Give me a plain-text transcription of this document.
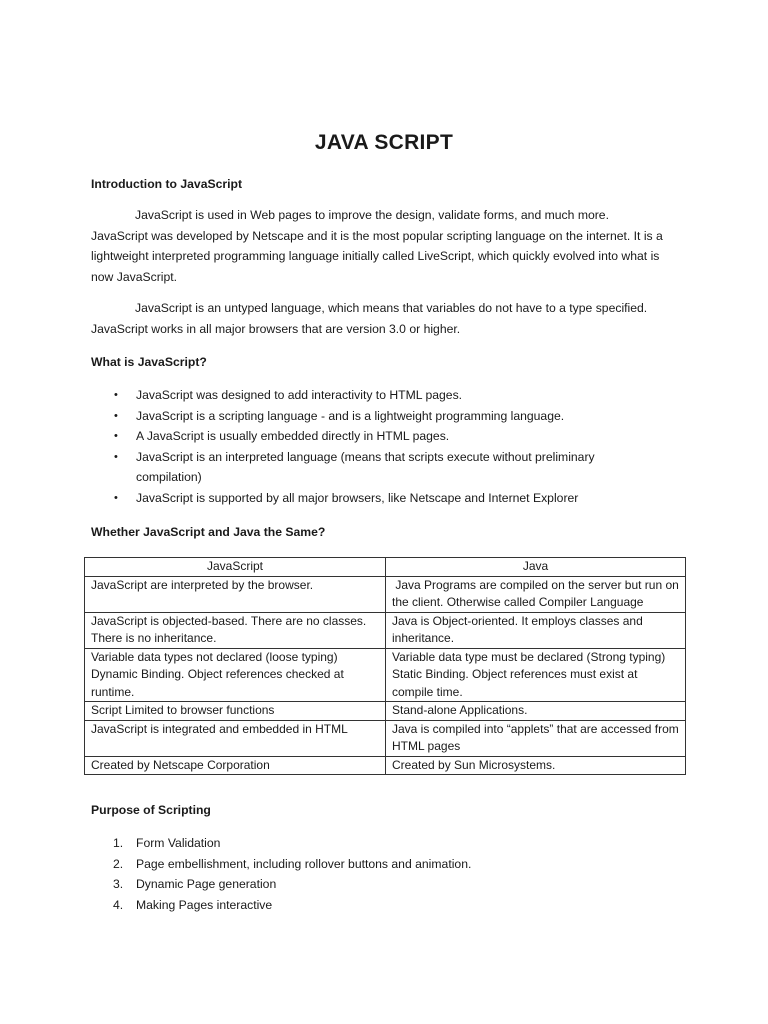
JAVA SCRIPT
Introduction to JavaScript

JavaScript is used in Web pages to improve the design, validate forms, and much more.
JavaScript was developed by Netscape and it is the most popular scripting language on the internet. It is a lightweight interpreted programming language initially called LiveScript, which quickly evolved into what is now JavaScript.

JavaScript is an untyped language, which means that variables do not have to a type specified.
JavaScript works in all major browsers that are version 3.0 or higher.

What is JavaScript?
• JavaScript was designed to add interactivity to HTML pages.
• JavaScript is a scripting language - and is a lightweight programming language.
• A JavaScript is usually embedded directly in HTML pages.
• JavaScript is an interpreted language (means that scripts execute without preliminary compilation)
• JavaScript is supported by all major browsers, like Netscape and Internet Explorer
Whether JavaScript and Java the Same?
JavaScript	Java
JavaScript are interpreted by the browser.	Java Programs are compiled on the server but run on the client. Otherwise called Compiler Language
JavaScript is objected-based. There are no classes. There is no inheritance.	Java is Object-oriented. It employs classes and inheritance.
Variable data types not declared (loose typing) Dynamic Binding. Object references checked at runtime.	Variable data type must be declared (Strong typing) Static Binding. Object references must exist at compile time.
Script Limited to browser functions	Stand-alone Applications.
JavaScript is integrated and embedded in HTML	Java is compiled into “applets” that are accessed from HTML pages
Created by Netscape Corporation	Created by Sun Microsystems.
Purpose of Scripting
1. Form Validation
2. Page embellishment, including rollover buttons and animation.
3. Dynamic Page generation
4. Making Pages interactive
